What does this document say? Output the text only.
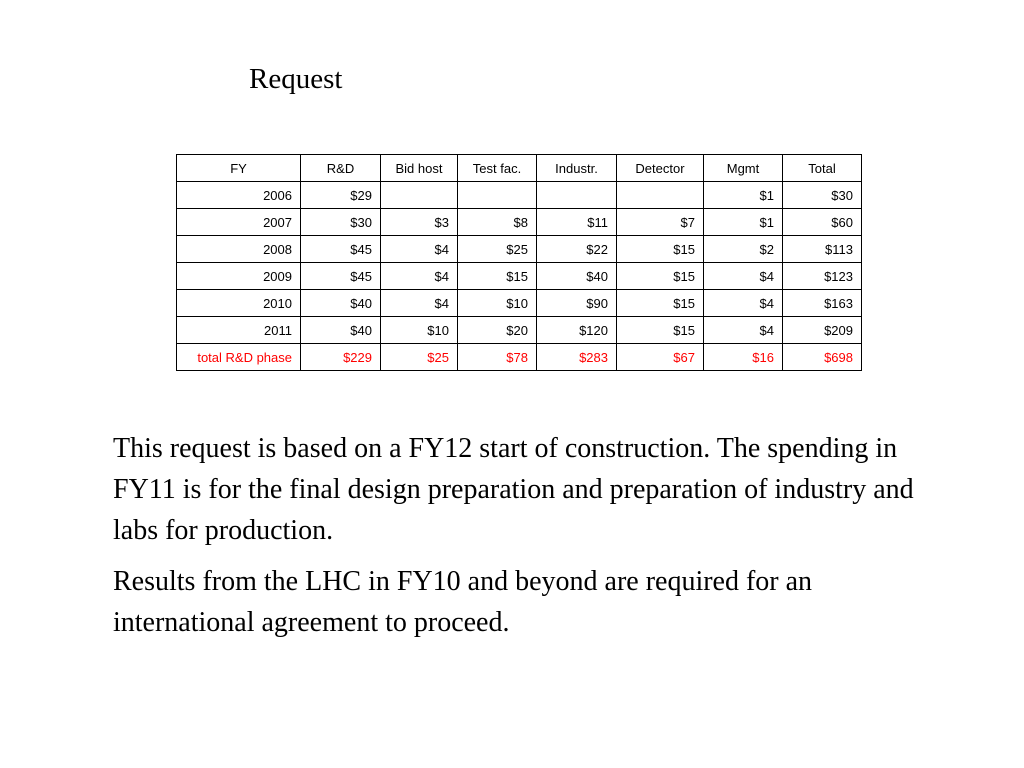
Request
FY	R&D	Bid host	Test fac.	Industr.	Detector	Mgmt	Total
2006	$29					$1	$30
2007	$30	$3	$8	$11	$7	$1	$60
2008	$45	$4	$25	$22	$15	$2	$113
2009	$45	$4	$15	$40	$15	$4	$123
2010	$40	$4	$10	$90	$15	$4	$163
2011	$40	$10	$20	$120	$15	$4	$209
total R&D phase	$229	$25	$78	$283	$67	$16	$698

This request is based on a FY12 start of construction. The spending in FY11 is for the final design preparation and preparation of industry and labs for production.

Results from the LHC in FY10 and beyond are required for an international agreement to proceed.
